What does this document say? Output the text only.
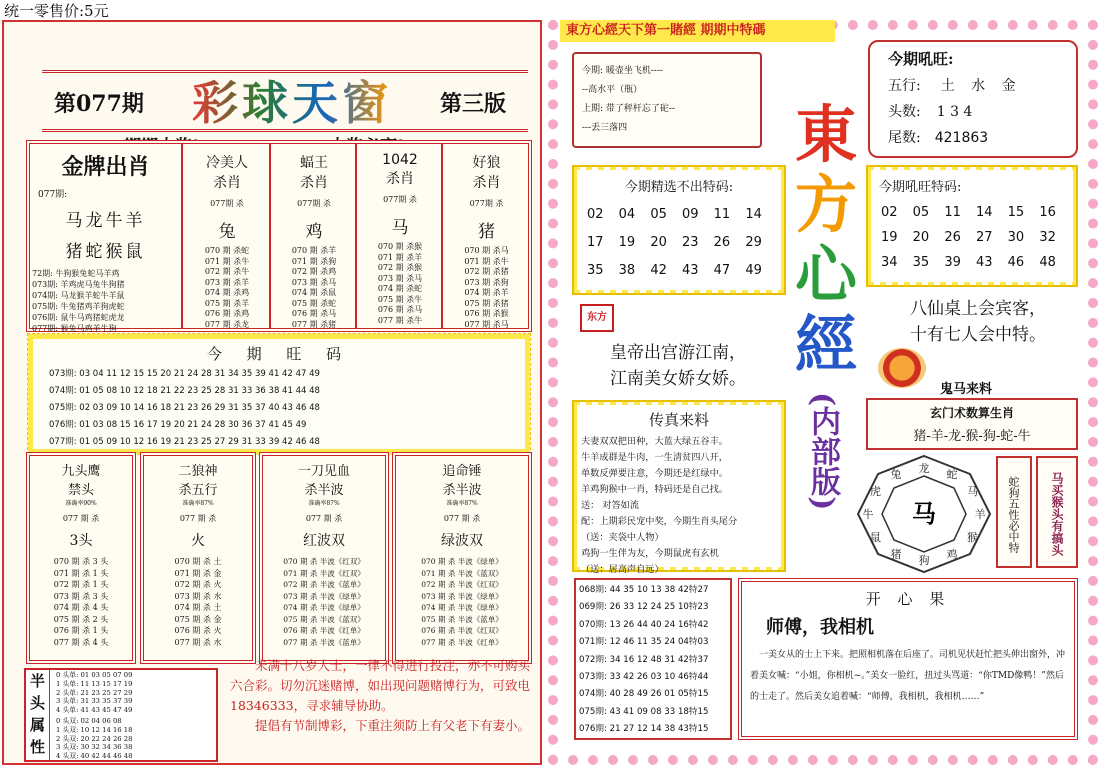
统一零售价:5元
第077期 彩球天窗 第三版
金牌出肖
077期:
马龙牛羊
猪蛇猴鼠
72期: 牛狗猴兔蛇马羊鸡
073期: 羊鸡虎马兔牛狗猪
074期: 马龙猴羊蛇牛羊鼠
075期: 牛兔猪鸡羊狗虎蛇
076期: 鼠牛马鸡猪蛇虎龙
077期: 猴兔马鸡羊牛狗
冷美人
杀肖
077期 杀
兔
070 期 杀蛇
071 期 杀牛
072 期 杀牛
073 期 杀羊
074 期 杀鸡
075 期 杀羊
076 期 杀鸡
077 期 杀龙
蝠王
杀肖
077期 杀
鸡
070 期 杀羊
071 期 杀狗
072 期 杀鸡
073 期 杀马
074 期 杀鼠
075 期 杀蛇
076 期 杀马
077 期 杀猪
1042
杀肖
077期 杀
马
070 期 杀猴
071 期 杀羊
072 期 杀猴
073 期 杀马
074 期 杀蛇
075 期 杀牛
076 期 杀马
077 期 杀牛
好狼
杀肖
077期 杀
猪
070 期 杀马
071 期 杀牛
072 期 杀猪
073 期 杀狗
074 期 杀羊
075 期 杀猪
076 期 杀猴
077 期 杀马
今 期 旺 码
073期: 03 04 11 12 15 15 20 21 24 28 31 34 35 39 41 42 47 49
074期: 01 05 08 10 12 18 21 22 23 25 28 31 33 36 38 41 44 48
075期: 02 03 09 10 14 16 18 21 23 26 29 31 35 37 40 43 46 48
076期: 01 03 08 15 16 17 19 20 21 24 28 30 36 37 41 45 49
077期: 01 05 09 10 12 16 19 21 23 25 27 29 31 33 39 42 46 48
九头鹰
禁头
准确率90%
077 期 杀
3头
070 期 杀 3 头
071 期 杀 1 头
072 期 杀 1 头
073 期 杀 3 头
074 期 杀 4 头
075 期 杀 2 头
076 期 杀 1 头
077 期 杀 4 头
二狼神
杀五行
准确率87%
077 期 杀
火
070 期 杀 土
071 期 杀 金
072 期 杀 火
073 期 杀 水
074 期 杀 土
075 期 杀 金
076 期 杀 火
077 期 杀 水
一刀见血
杀半波
准确率87%
077 期 杀
红波双
070 期 杀 半波《红双》
071 期 杀 半波《红双》
072 期 杀 半波《蓝单》
073 期 杀 半波《绿单》
074 期 杀 半波《绿单》
075 期 杀 半波《蓝双》
076 期 杀 半波《红单》
077 期 杀 半波《蓝单》
追命锤
杀半波
准确率87%
077 期 杀
绿波双
070 期 杀 半波《绿单》
071 期 杀 半波《蓝双》
072 期 杀 半波《红双》
073 期 杀 半波《绿单》
074 期 杀 半波《绿单》
075 期 杀 半波《蓝单》
076 期 杀 半波《红双》
077 期 杀 半波《红单》
半
头
属
性
0 头单: 01 03 05 07 09
1 头单: 11 13 15 17 19
2 头单: 21 23 25 27 29
3 头单: 31 33 35 37 39
4 头单: 41 43 45 47 49
0 头双: 02 04 06 08
1 头双: 10 12 14 16 18
2 头双: 20 22 24 26 28
3 头双: 30 32 34 36 38
4 头双: 40 42 44 46 48
未满十八岁人士，一律不得进行投注，亦不可购买六合彩。切勿沉迷赌博，如出现问题赌博行为，可致电18346333，寻求辅导协助。
提倡有节制博彩，下重注须防上有父老下有妻小。
東方心經天下第一賭經 期期中特碼
今期: 暖壶坐飞机----
--高水平（瓶）
上期: 带了秤杆忘了砣--
---丢三落四	東
方
心
經
(内部版)
今期吼旺:
五行: 土 水 金
头数: 1 3 4
尾数: 421863
今期精选不出特码:
02	04	05	09	11	14
17	19	20	23	26	29
35	38	42	43	47	49
今期吼旺特码:
02	05	11	14	15	16
19	20	26	27	30	32
34	35	39	43	46	48
东方
皇帝出宫游江南，
江南美女娇女娇。
八仙桌上会宾客，
十有七人会中特。
鬼马来料
玄门术数算生肖
猪-羊-龙-猴-狗-蛇-牛
传真来料
夫妻双双把田种，大蓝大绿五谷丰。
牛羊成群是牛肉，一生清贫四八开，
单数反弹要注意，今期还是红绿中。
羊鸡狗猴中一肖，特码还是自己找。
送： 对答如流
配：上期彩民宠中奖，今期生肖头尾分
（送：夹袋中人物）
鸡狗一生伴为友，今期鼠虎有玄机
（送：居高声自远）
虎
兔 龙 蛇
马
羊
猴
鸡
狗
猪
鼠
牛 马	蛇狗五性必中特	马买猴头有搞头
068期: 44 35 10 13 38 42特27
069期: 26 33 12 24 25 10特23
070期: 13 26 44 40 24 16特42
071期: 12 46 11 35 24 04特03
072期: 34 16 12 48 31 42特37
073期: 33 42 26 03 10 46特44
074期: 40 28 49 26 01 05特15
075期: 43 41 09 08 33 18特15
076期: 21 27 12 14 38 43特15
开 心 果
师傅，我相机
一美女从的士上下来。把照相机落在后座了。司机见状赶忙把头伸出窗外，冲着美女喊：“小姐，你相机~。”美女一脸红，扭过头骂道：“你TMD像鸭！”然后的士走了。然后美女追着喊：“师傅，我相机，我相机……”
